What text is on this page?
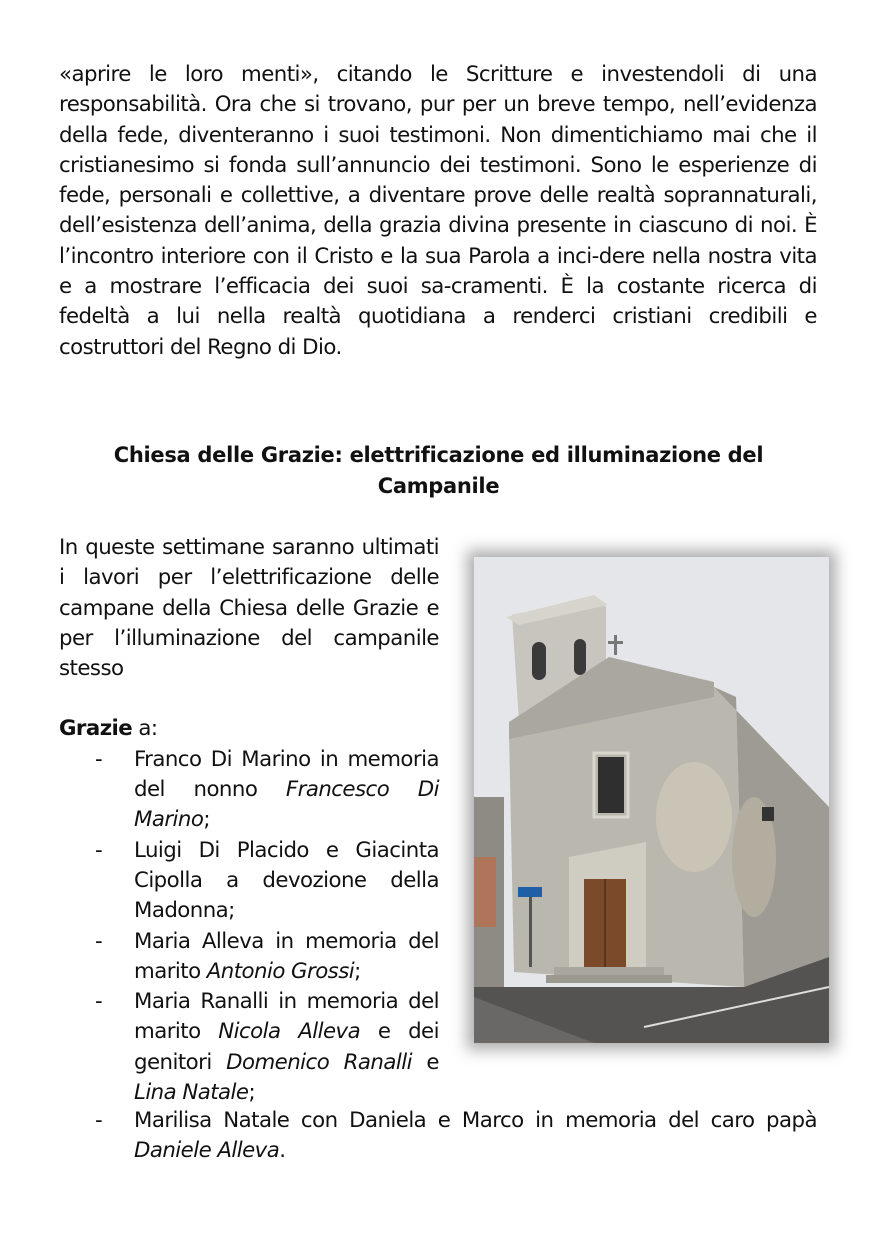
«aprire le loro menti», citando le Scritture e investendoli di una responsabilità. Ora che si trovano, pur per un breve tempo, nell’evidenza della fede, diventeranno i suoi testimoni. Non dimentichiamo mai che il cristianesimo si fonda sull’annuncio dei testimoni. Sono le esperienze di fede, personali e collettive, a diventare prove delle realtà soprannaturali, dell’esistenza dell’anima, della grazia divina presente in ciascuno di noi. È l’incontro interiore con il Cristo e la sua Parola a inci-dere nella nostra vita e a mostrare l’efficacia dei suoi sa-cramenti. È la costante ricerca di fedeltà a lui nella realtà quotidiana a renderci cristiani credibili e costruttori del Regno di Dio.

Chiesa delle Grazie: elettrificazione ed illuminazione del Campanile

In queste settimane saranno ultimati i lavori per l’elettrificazione delle campane della Chiesa delle Grazie e per l’illuminazione del campanile stesso

Grazie a:

- Franco Di Marino in memoria del nonno Francesco Di Marino;
- Luigi Di Placido e Giacinta Cipolla a devozione della Madonna;
- Maria Alleva in memoria del marito Antonio Grossi;
- Maria Ranalli in memoria del marito Nicola Alleva e dei genitori Domenico Ranalli e Lina Natale;
-	Marilisa Natale con Daniela e Marco in memoria del caro papà Daniele Alleva.
